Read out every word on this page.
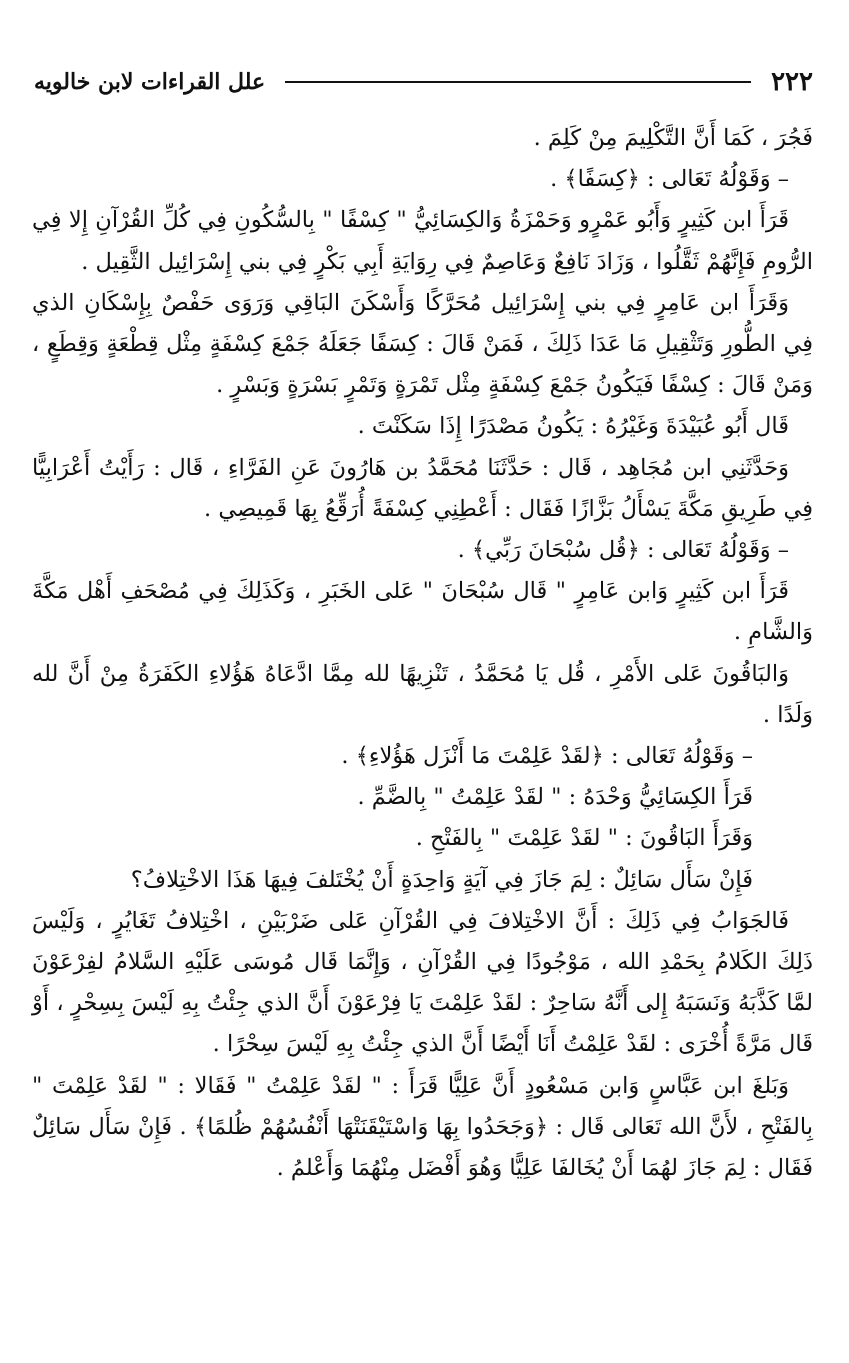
٢٢٢
علل القراءات لابن خالويه

فَجُرَ ، كَمَا أَنَّ التَّكْلِيمَ مِنْ كَلِمَ .

– وَقَوْلُهُ تَعَالى : ﴿كِسَفًا﴾ .

قَرَأَ ابن كَثِيرٍ وَأَبُو عَمْرٍو وَحَمْزَةُ وَالكِسَائِيُّ " كِسْفًا " بِالسُّكُونِ فِي كُلِّ القُرْآنِ إِلا فِي الرُّومِ فَإِنَّهُمْ ثَقَّلُوا ، وَزَادَ نَافِعٌ وَعَاصِمٌ فِي رِوَايَةِ أَبِي بَكْرٍ فِي بني إِسْرَائِيل الثَّقِيل .

وَقَرَأَ ابن عَامِرٍ فِي بني إِسْرَائِيل مُحَرَّكًا وَأَسْكَنَ البَاقِي وَرَوَى حَفْصٌ بِإِسْكَانِ الذي فِي الطُّورِ وَتَثْقِيلِ مَا عَدَا ذَلِكَ ، فَمَنْ قَالَ : كِسَفًا جَعَلَهُ جَمْعَ كِسْفَةٍ مِثْل قِطْعَةٍ وَقِطَعٍ ، وَمَنْ قَالَ : كِسْفًا فَيَكُونُ جَمْعَ كِسْفَةٍ مِثْل تَمْرَةٍ وَتَمْرٍ بَسْرَةٍ وَبَسْرٍ .

قَال أَبُو عُبَيْدَةَ وَغَيْرُهُ : يَكُونُ مَصْدَرًا إِذَا سَكَنْتَ .

وَحَدَّثَنِي ابن مُجَاهِد ، قَال : حَدَّثَنَا مُحَمَّدُ بن هَارُونَ عَنِ الفَرَّاءِ ، قَال : رَأَيْتُ أَعْرَابِيًّا فِي طَرِيقِ مَكَّةَ يَسْأَلُ بَزَّازًا فَقَال : أَعْطِنِي كِسْفَةً أُرَقِّعُ بِهَا قَمِيصِي .

– وَقَوْلُهُ تَعَالى : ﴿قُل سُبْحَانَ رَبِّي﴾ .

قَرَأَ ابن كَثِيرٍ وَابن عَامِرٍ " قَال سُبْحَانَ " عَلى الخَبَرِ ، وَكَذَلِكَ فِي مُصْحَفِ أَهْل مَكَّةَ وَالشَّامِ .

وَالبَاقُونَ عَلى الأَمْرِ ، قُل يَا مُحَمَّدُ ، تَنْزِيهًا لله مِمَّا ادَّعَاهُ هَؤُلاءِ الكَفَرَةُ مِنْ أَنَّ لله وَلَدًا .

– وَقَوْلُهُ تَعَالى : ﴿لقَدْ عَلِمْتَ مَا أَنْزَل هَؤُلاءِ﴾ .

قَرَأَ الكِسَائِيُّ وَحْدَهُ : " لقَدْ عَلِمْتُ " بِالضَّمِّ .

وَقَرَأَ البَاقُونَ : " لقَدْ عَلِمْتَ " بِالفَتْحِ .

فَإِنْ سَأَل سَائِلٌ : لِمَ جَازَ فِي آيَةٍ وَاحِدَةٍ أَنْ يُخْتَلفَ فِيهَا هَذَا الاخْتِلافُ؟

فَالجَوَابُ فِي ذَلِكَ : أَنَّ الاخْتِلافَ فِي القُرْآنِ عَلى ضَرْبَيْنِ ، اخْتِلافُ تَغَايُرٍ ، وَلَيْسَ ذَلِكَ الكَلامُ بِحَمْدِ الله ، مَوْجُودًا فِي القُرْآنِ ، وَإِنَّمَا قَال مُوسَى عَلَيْهِ السَّلامُ لفِرْعَوْنَ لمَّا كَذَّبَهُ وَنَسَبَهُ إِلى أَنَّهُ سَاحِرٌ : لقَدْ عَلِمْتَ يَا فِرْعَوْنَ أَنَّ الذي جِئْتُ بِهِ لَيْسَ بِسِحْرٍ ، أَوْ قَال مَرَّةً أُخْرَى : لقَدْ عَلِمْتُ أَنَا أَيْضًا أَنَّ الذي جِئْتُ بِهِ لَيْسَ سِحْرًا .

وَبَلغَ ابن عَبَّاسٍ وَابن مَسْعُودٍ أَنَّ عَلِيًّا قَرَأَ : " لقَدْ عَلِمْتُ " فَقَالا : " لقَدْ عَلِمْتَ " بِالفَتْحِ ، لأَنَّ الله تَعَالى قَال : ﴿وَجَحَدُوا بِهَا وَاسْتَيْقَنَتْهَا أَنْفُسُهُمْ ظُلمًا﴾ . فَإِنْ سَأَل سَائِلٌ فَقَال : لِمَ جَازَ لهُمَا أَنْ يُخَالفَا عَلِيًّا وَهُوَ أَفْضَل مِنْهُمَا وَأَعْلمُ .
